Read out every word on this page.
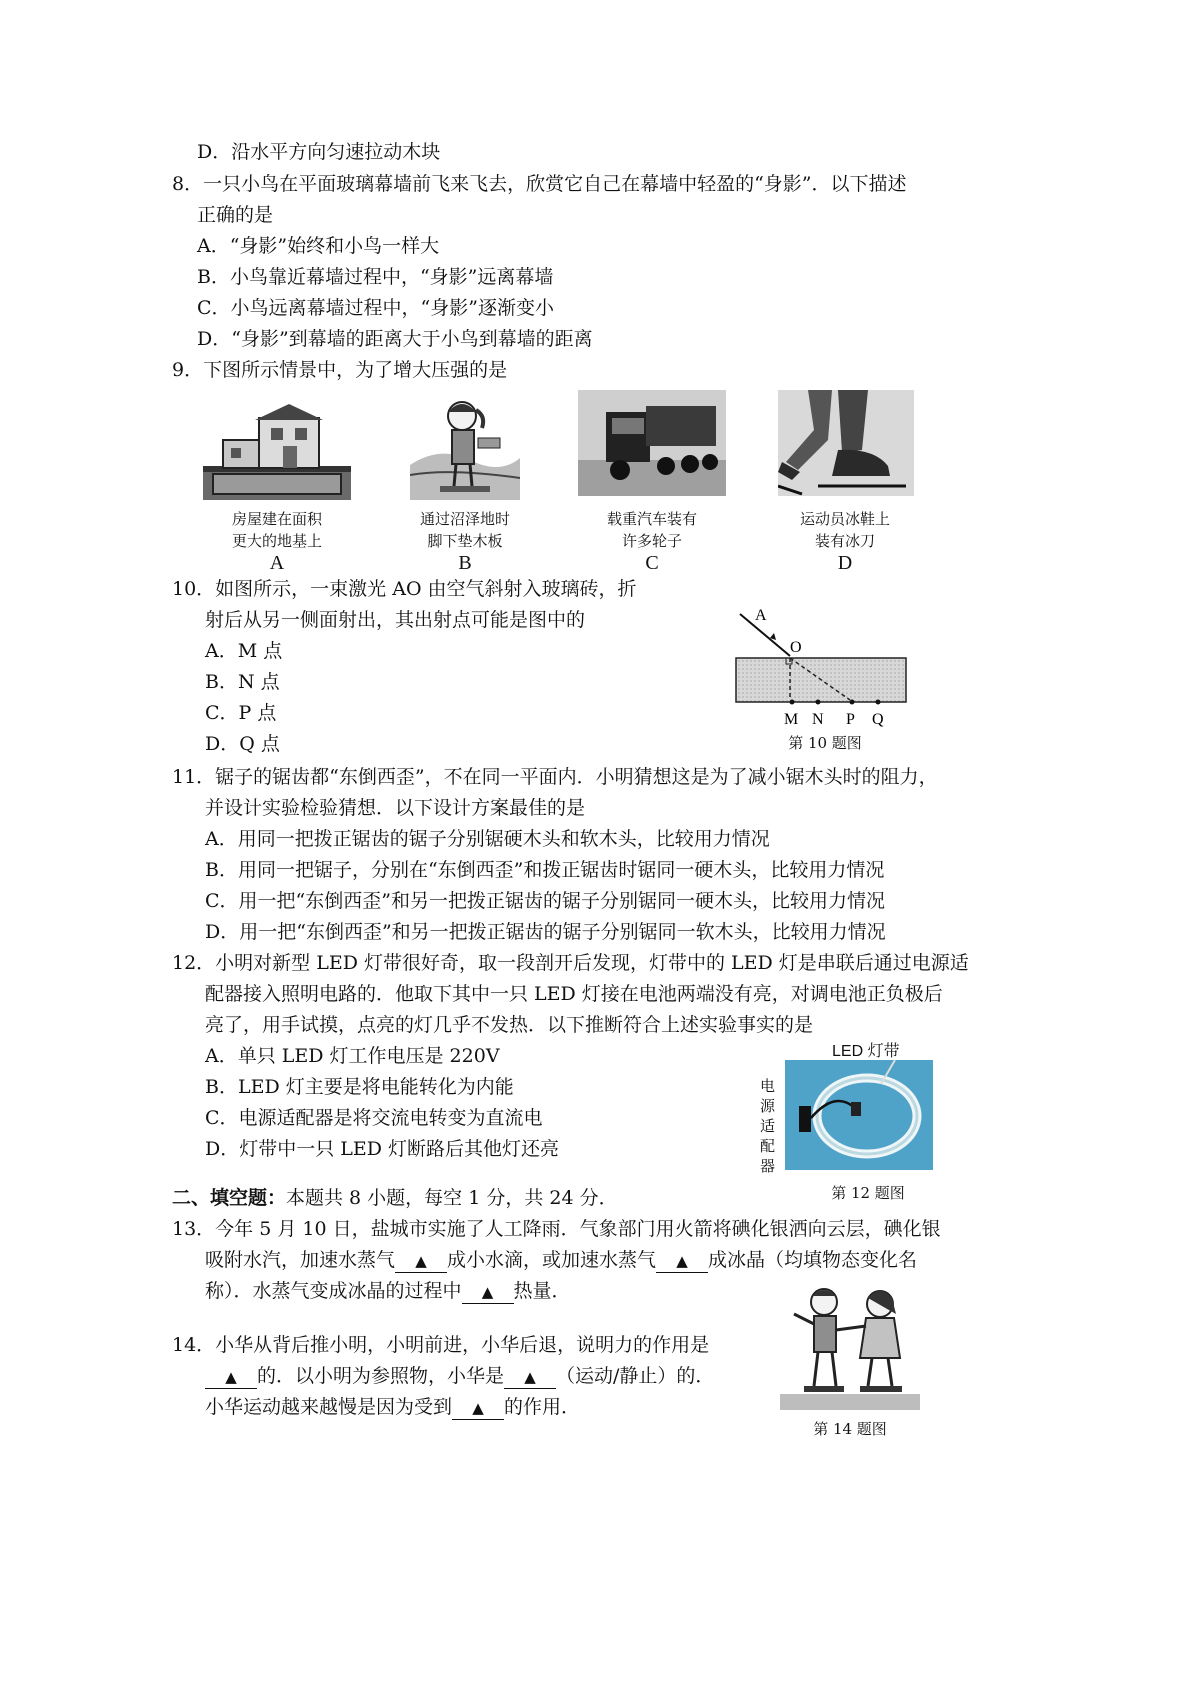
D．沿水平方向匀速拉动木块
8．一只小鸟在平面玻璃幕墙前飞来飞去，欣赏它自己在幕墙中轻盈的“身影”．以下描述
正确的是
A．“身影”始终和小鸟一样大
B．小鸟靠近幕墙过程中，“身影”远离幕墙
C．小鸟远离幕墙过程中，“身影”逐渐变小
D．“身影”到幕墙的距离大于小鸟到幕墙的距离
9．下图所示情景中，为了增大压强的是
房屋建在面积
更大的地基上
A
通过沼泽地时
脚下垫木板
B
载重汽车装有
许多轮子
C
运动员冰鞋上
装有冰刀
D
10．如图所示，一束激光 AO 由空气斜射入玻璃砖，折
射后从另一侧面射出，其出射点可能是图中的
A．M 点
B．N 点
C．P 点
D．Q 点
A
O
M N P Q
第 10 题图
11．锯子的锯齿都“东倒西歪”，不在同一平面内．小明猜想这是为了减小锯木头时的阻力，
并设计实验检验猜想．以下设计方案最佳的是
A．用同一把拨正锯齿的锯子分别锯硬木头和软木头，比较用力情况
B．用同一把锯子，分别在“东倒西歪”和拨正锯齿时锯同一硬木头，比较用力情况
C．用一把“东倒西歪”和另一把拨正锯齿的锯子分别锯同一硬木头，比较用力情况
D．用一把“东倒西歪”和另一把拨正锯齿的锯子分别锯同一软木头，比较用力情况
12．小明对新型 LED 灯带很好奇，取一段剖开后发现，灯带中的 LED 灯是串联后通过电源适
配器接入照明电路的．他取下其中一只 LED 灯接在电池两端没有亮，对调电池正负极后
亮了，用手试摸，点亮的灯几乎不发热．以下推断符合上述实验事实的是
A．单只 LED 灯工作电压是 220V
B．LED 灯主要是将电能转化为内能
C．电源适配器是将交流电转变为直流电
D．灯带中一只 LED 灯断路后其他灯还亮
LED 灯带
电源适配器
第 12 题图
二、填空题：本题共 8 小题，每空 1 分，共 24 分．
13．今年 5 月 10 日，盐城市实施了人工降雨．气象部门用火箭将碘化银洒向云层，碘化银
吸附水汽，加速水蒸气 ▲ 成小水滴，或加速水蒸气 ▲ 成冰晶（均填物态变化名
称）．水蒸气变成冰晶的过程中 ▲ 热量．
14．小华从背后推小明，小明前进，小华后退，说明力的作用是
▲ 的．以小明为参照物，小华是 ▲ （运动/静止）的．
小华运动越来越慢是因为受到 ▲ 的作用．
第 14 题图
